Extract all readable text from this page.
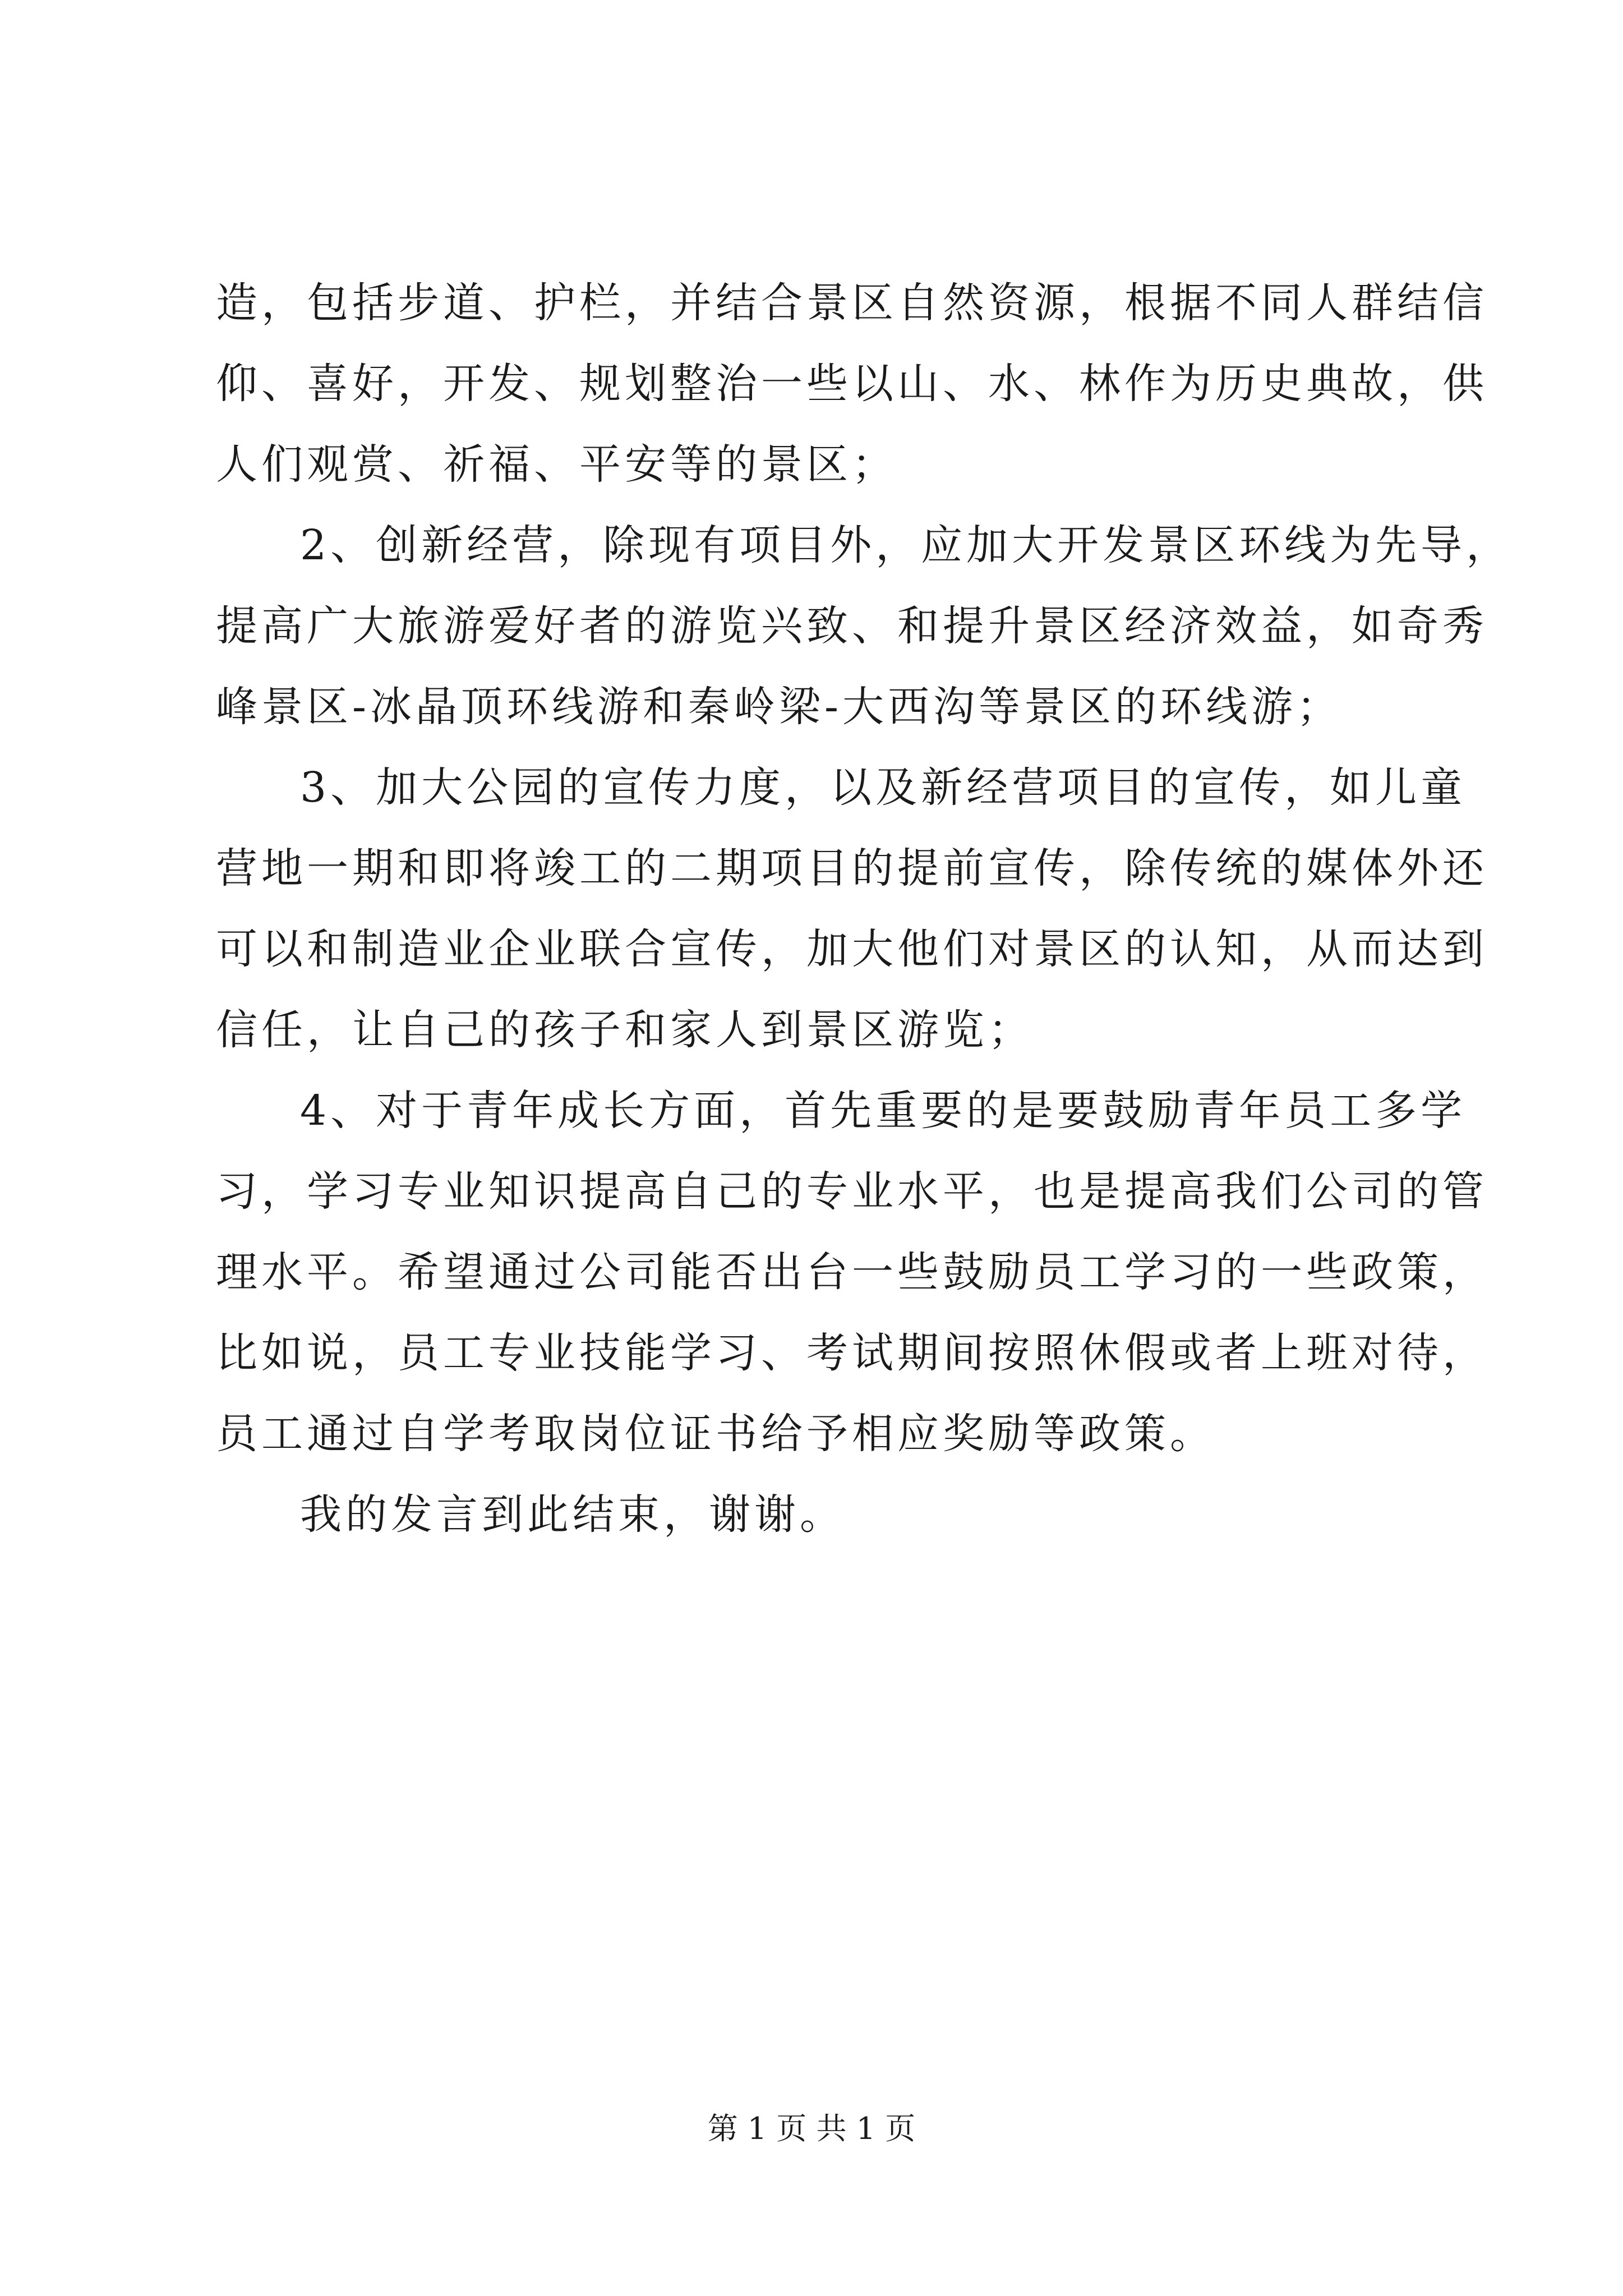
造，包括步道、护栏，并结合景区自然资源，根据不同人群结信
仰、喜好，开发、规划整治一些以山、水、林作为历史典故，供
人们观赏、祈福、平安等的景区；
2、创新经营，除现有项目外，应加大开发景区环线为先导，
提高广大旅游爱好者的游览兴致、和提升景区经济效益，如奇秀
峰景区-冰晶顶环线游和秦岭梁-大西沟等景区的环线游；
3、加大公园的宣传力度，以及新经营项目的宣传，如儿童
营地一期和即将竣工的二期项目的提前宣传，除传统的媒体外还
可以和制造业企业联合宣传，加大他们对景区的认知，从而达到
信任，让自己的孩子和家人到景区游览；
4、对于青年成长方面，首先重要的是要鼓励青年员工多学
习，学习专业知识提高自己的专业水平，也是提高我们公司的管
理水平。希望通过公司能否出台一些鼓励员工学习的一些政策，
比如说，员工专业技能学习、考试期间按照休假或者上班对待，
员工通过自学考取岗位证书给予相应奖励等政策。
我的发言到此结束，谢谢。
第 1 页 共 1 页
